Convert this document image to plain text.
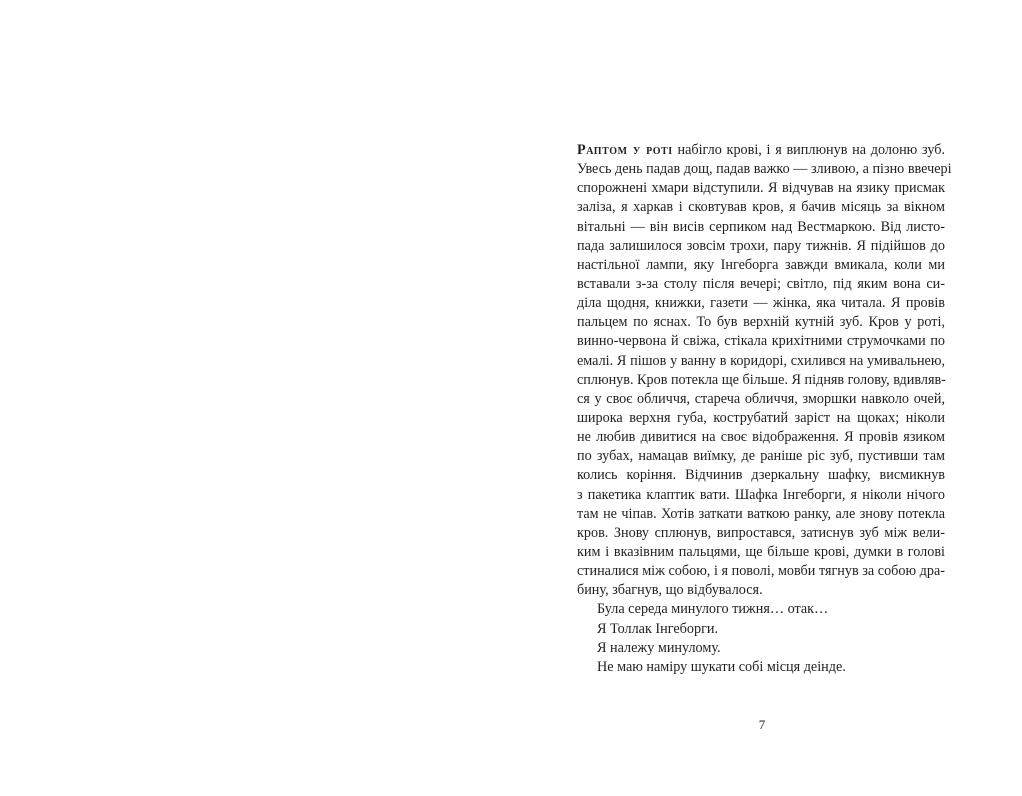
Раптом у роті набігло крові, і я виплюнув на долоню зуб.
Увесь день падав дощ, падав важко — зливою, а пізно ввечері
спорожнені хмари відступили. Я відчував на язику присмак
заліза, я харкав і сковтував кров, я бачив місяць за вікном
вітальні — він висів серпиком над Вестмаркою. Від листо-
пада залишилося зовсім трохи, пару тижнів. Я підійшов до
настільної лампи, яку Інгеборга завжди вмикала, коли ми
вставали з-за столу після вечері; світло, під яким вона си-
діла щодня, книжки, газети — жінка, яка читала. Я провів
пальцем по яснах. То був верхній кутній зуб. Кров у роті,
винно-червона й свіжа, стікала крихітними струмочками по
емалі. Я пішов у ванну в коридорі, схилився на умивальнею,
сплюнув. Кров потекла ще більше. Я підняв голову, вдивляв-
ся у своє обличчя, стареча обличчя, зморшки навколо очей,
широка верхня губа, кострубатий заріст на щоках; ніколи
не любив дивитися на своє відображення. Я провів язиком
по зубах, намацав виїмку, де раніше ріс зуб, пустивши там
колись коріння. Відчинив дзеркальну шафку, висмикнув
з пакетика клаптик вати. Шафка Інгеборги, я ніколи нічого
там не чіпав. Хотів заткати ваткою ранку, але знову потекла
кров. Знову сплюнув, випростався, затиснув зуб між вели-
ким і вказівним пальцями, ще більше крові, думки в голові
стиналися між собою, і я поволі, мовби тягнув за собою дра-
бину, збагнув, що відбувалося.
Була середа минулого тижня… отак…
Я Толлак Інгеборги.
Я належу минулому.
Не маю наміру шукати собі місця деінде.
7
